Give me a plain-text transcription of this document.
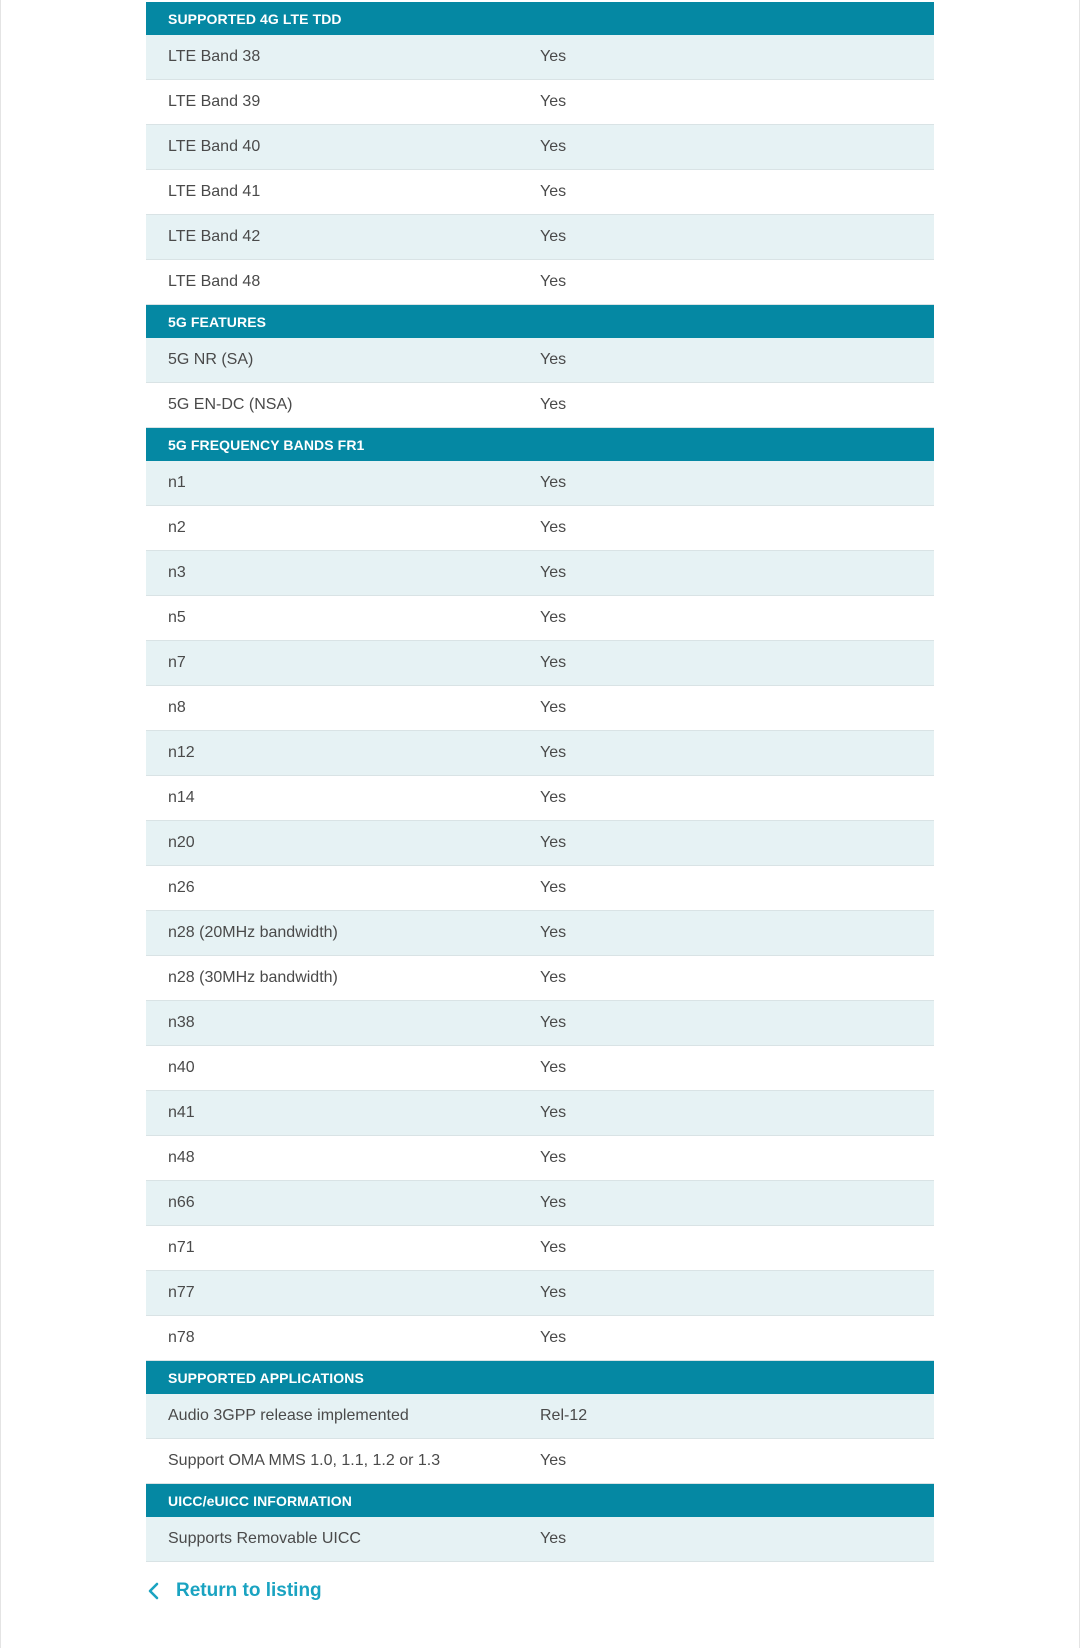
SUPPORTED 4G LTE TDD
LTE Band 38	Yes
LTE Band 39	Yes
LTE Band 40	Yes
LTE Band 41	Yes
LTE Band 42	Yes
LTE Band 48	Yes
5G FEATURES
5G NR (SA)	Yes
5G EN-DC (NSA)	Yes
5G FREQUENCY BANDS FR1
n1	Yes
n2	Yes
n3	Yes
n5	Yes
n7	Yes
n8	Yes
n12	Yes
n14	Yes
n20	Yes
n26	Yes
n28 (20MHz bandwidth)	Yes
n28 (30MHz bandwidth)	Yes
n38	Yes
n40	Yes
n41	Yes
n48	Yes
n66	Yes
n71	Yes
n77	Yes
n78	Yes
SUPPORTED APPLICATIONS
Audio 3GPP release implemented	Rel-12
Support OMA MMS 1.0, 1.1, 1.2 or 1.3	Yes
UICC/eUICC INFORMATION
Supports Removable UICC	Yes
Return to listing
